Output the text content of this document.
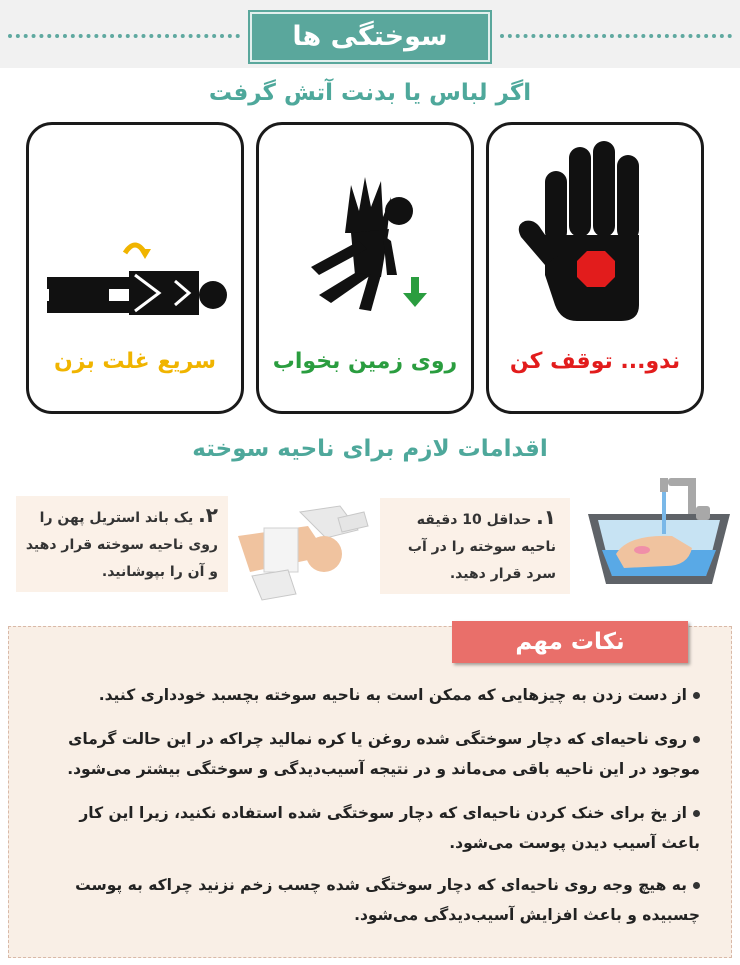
سوختگی ها
اگر لباس یا بدنت آتش گرفت
سریع غلت بزن	روی زمین بخواب	ندو... توقف کن
اقدامات لازم برای ناحیه سوخته
۱. حداقل 10 دقیقه ناحیه سوخته را در آب سرد قرار دهید.
۲. یک باند استریل پهن را روی ناحیه سوخته قرار دهید و آن را بپوشانید.
نکات مهم
از دست زدن به چیزهایی که ممکن است به ناحیه سوخته بچسبد خودداری کنید.
روی ناحیه‌ای که دچار سوختگی شده روغن یا کره نمالید چراکه در این حالت گرمای موجود در این ناحیه باقی می‌ماند و در نتیجه آسیب‌دیدگی و سوختگی بیشتر می‌شود.
از یخ برای خنک کردن ناحیه‌ای که دچار سوختگی شده استفاده نکنید، زیرا این کار باعث آسیب دیدن پوست می‌شود.
به هیچ وجه روی ناحیه‌ای که دچار سوختگی شده چسب زخم نزنید چراکه به پوست چسبیده و باعث افزایش آسیب‌دیدگی می‌شود.
